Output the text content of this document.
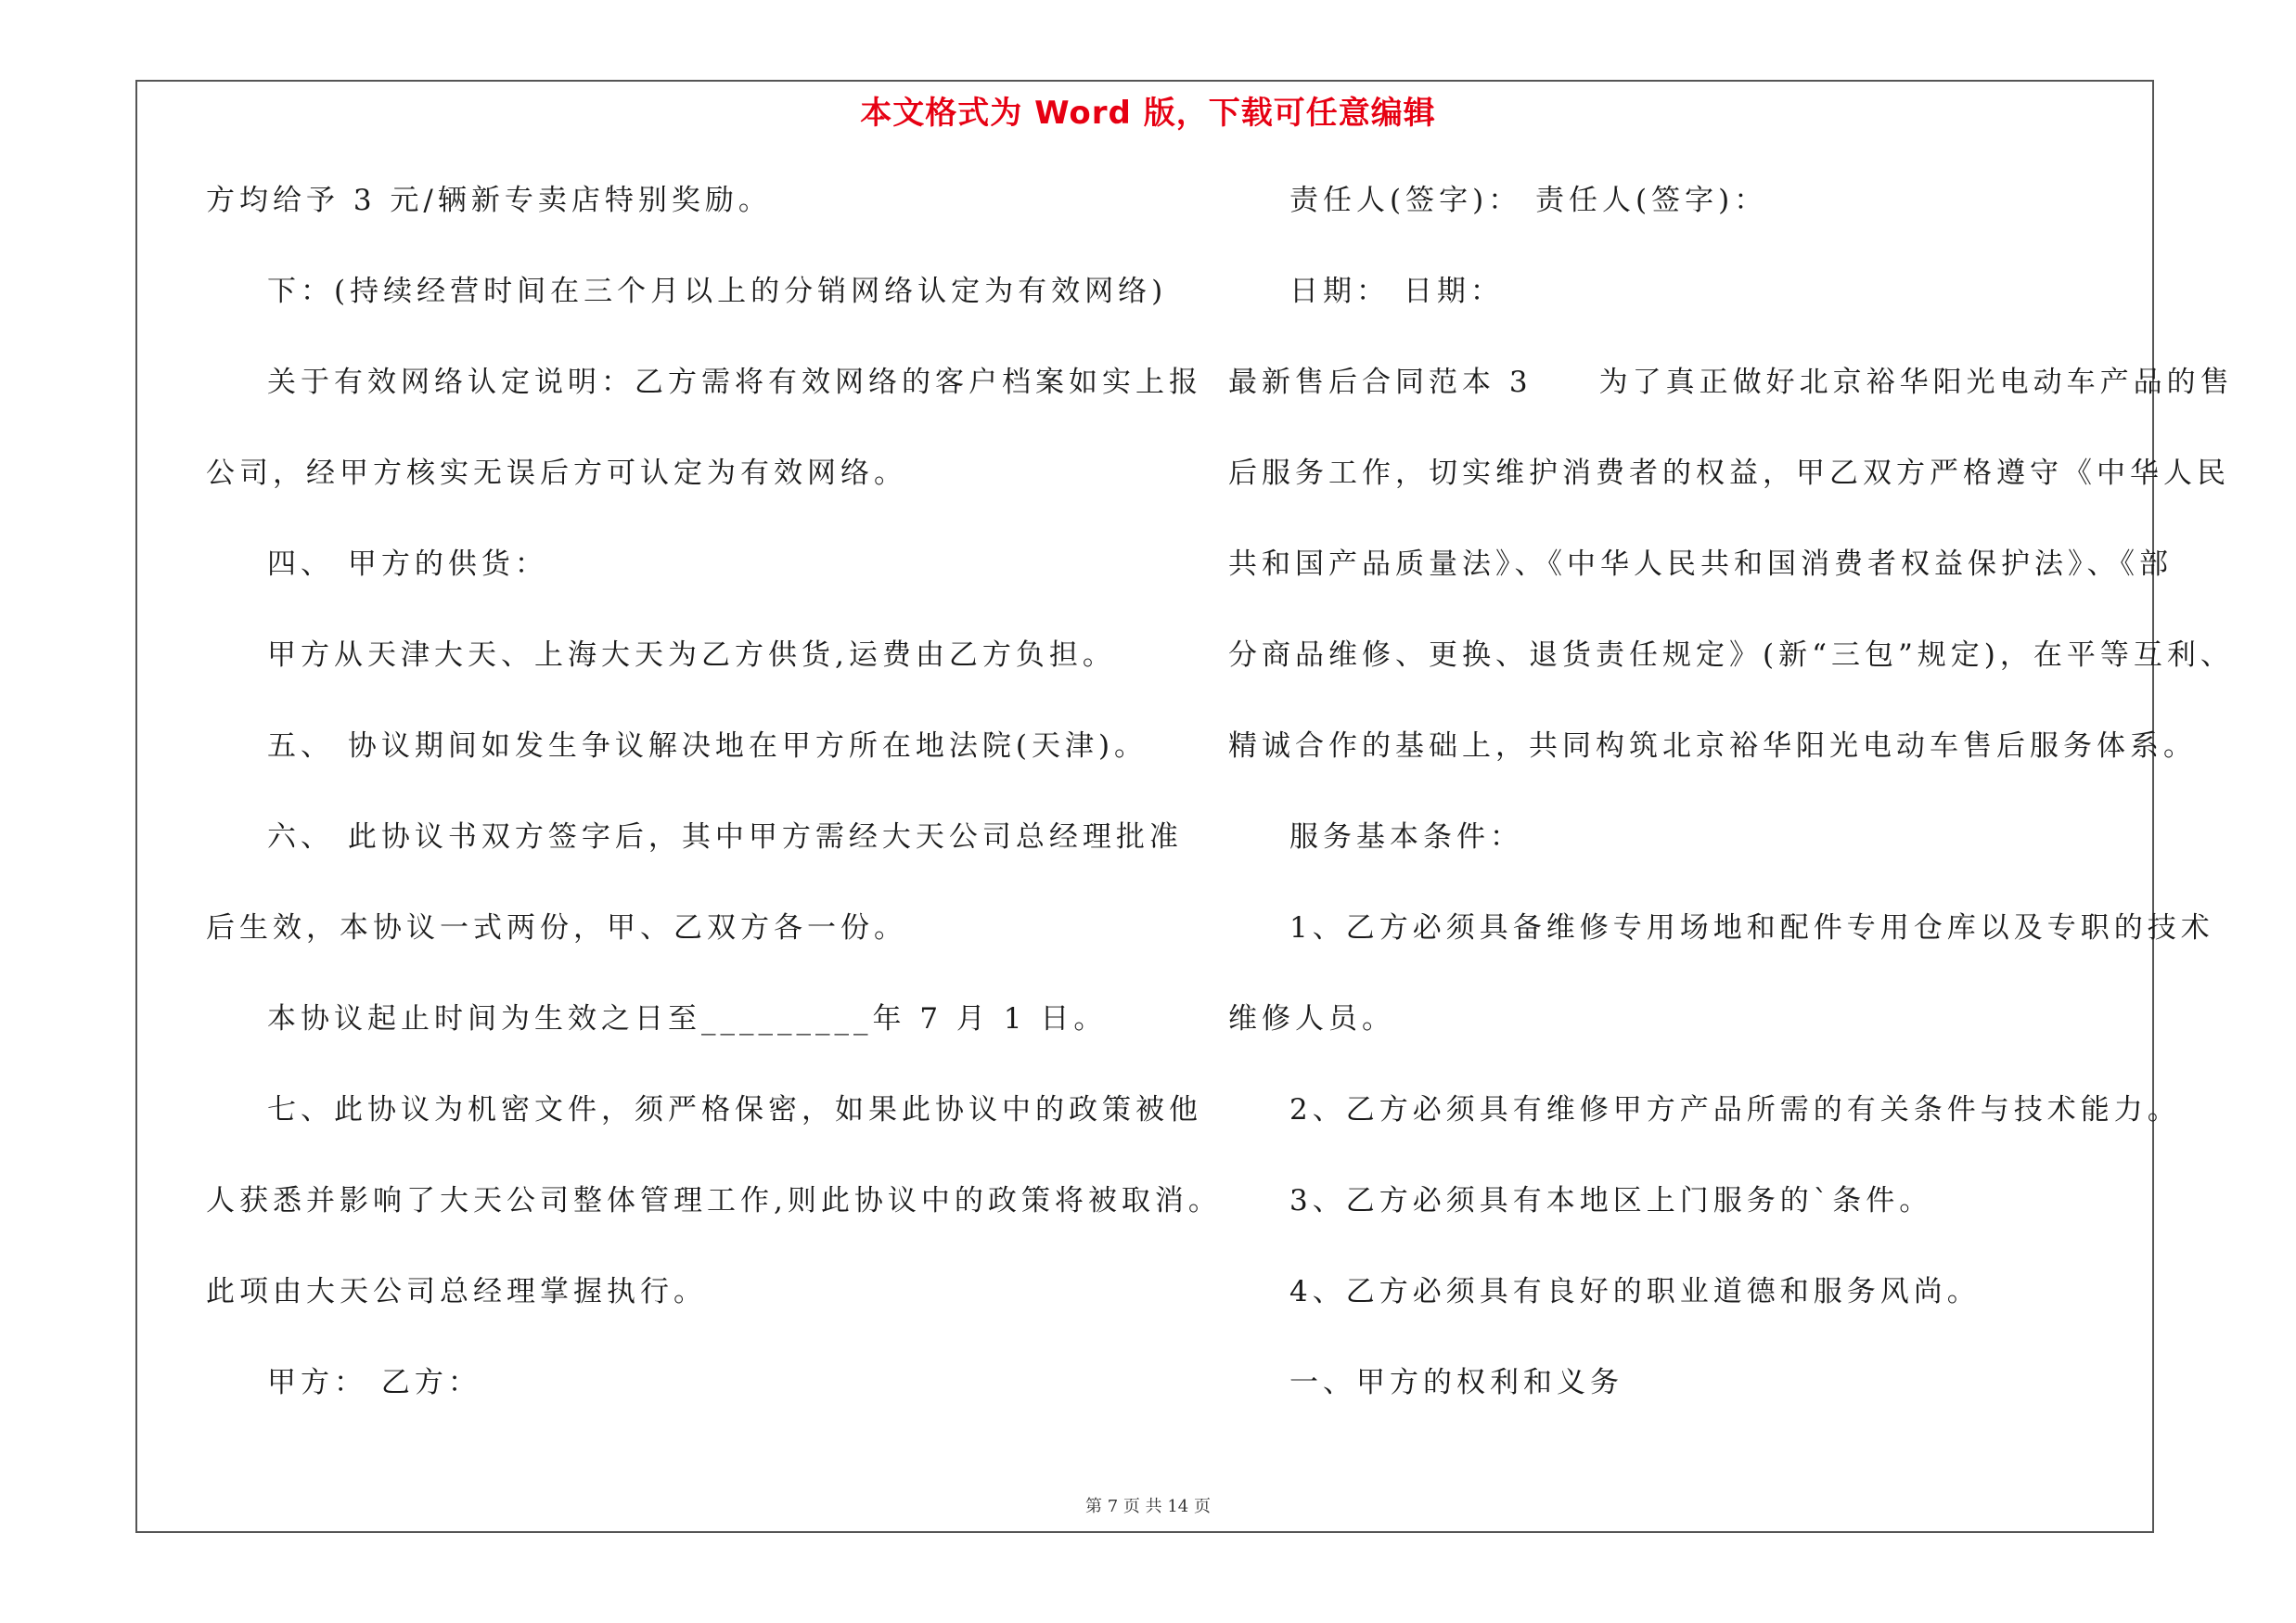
本文格式为 Word 版，下载可任意编辑
方均给予 3 元/辆新专卖店特别奖励。
下：(持续经营时间在三个月以上的分销网络认定为有效网络)
关于有效网络认定说明：乙方需将有效网络的客户档案如实上报
公司，经甲方核实无误后方可认定为有效网络。
四、 甲方的供货：
甲方从天津大天、上海大天为乙方供货,运费由乙方负担。
五、 协议期间如发生争议解决地在甲方所在地法院(天津)。
六、 此协议书双方签字后，其中甲方需经大天公司总经理批准
后生效，本协议一式两份，甲、乙双方各一份。
本协议起止时间为生效之日至_________年 7 月 1 日。
七、此协议为机密文件，须严格保密，如果此协议中的政策被他
人获悉并影响了大天公司整体管理工作,则此协议中的政策将被取消。
此项由大天公司总经理掌握执行。
甲方： 乙方：
责任人(签字)： 责任人(签字)：
日期： 日期：
最新售后合同范本 3　　为了真正做好北京裕华阳光电动车产品的售
后服务工作，切实维护消费者的权益，甲乙双方严格遵守《中华人民
共和国产品质量法》、《中华人民共和国消费者权益保护法》、《部
分商品维修、更换、退货责任规定》(新“三包”规定)，在平等互利、
精诚合作的基础上，共同构筑北京裕华阳光电动车售后服务体系。
服务基本条件：
1、乙方必须具备维修专用场地和配件专用仓库以及专职的技术
维修人员。
2、乙方必须具有维修甲方产品所需的有关条件与技术能力。
3、乙方必须具有本地区上门服务的`条件。
4、乙方必须具有良好的职业道德和服务风尚。
一、甲方的权利和义务
第 7 页 共 14 页
